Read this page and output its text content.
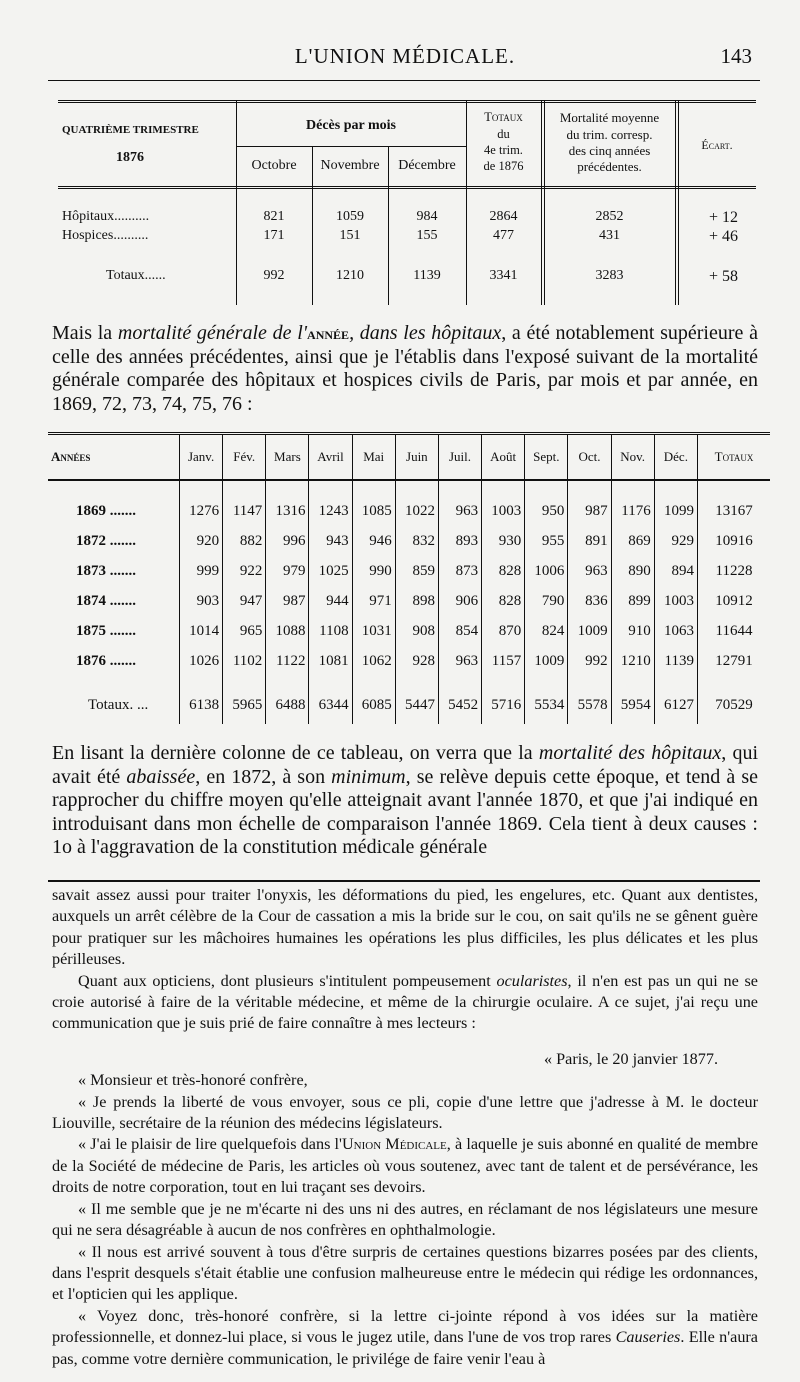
L'UNION MÉDICALE.	143
QUATRIÈME TRIMESTRE
1876
Décès par mois
Octobre	Novembre	Décembre
Totaux
du
4e trim.
de 1876
Mortalité moyenne
du trim. corresp.
des cinq années
précédentes.
Écart.
Hôpitaux..........	821	1059	984	2864	2852	+ 12
Hospices..........	171	151	155	477	431	+ 46
Totaux......	992	1210	1139	3341	3283	+ 58
Mais la mortalité générale de l'année, dans les hôpitaux, a été notablement supérieure à celle des années précédentes, ainsi que je l'établis dans l'exposé suivant de la mortalité générale comparée des hôpitaux et hospices civils de Paris, par mois et par année, en 1869, 72, 73, 74, 75, 76 :
Années	Janv.	Fév.	Mars	Avril	Mai	Juin	Juil.	Août	Sept.	Oct.	Nov.	Déc.	Totaux

1869 .......	1276	1147	1316	1243	1085	1022	963	1003	950	987	1176	1099	13167
1872 .......	920	882	996	943	946	832	893	930	955	891	869	929	10916
1873 .......	999	922	979	1025	990	859	873	828	1006	963	890	894	11228
1874 .......	903	947	987	944	971	898	906	828	790	836	899	1003	10912
1875 .......	1014	965	1088	1108	1031	908	854	870	824	1009	910	1063	11644
1876 .......	1026	1102	1122	1081	1062	928	963	1157	1009	992	1210	1139	12791

Totaux. ...	6138	5965	6488	6344	6085	5447	5452	5716	5534	5578	5954	6127	70529
En lisant la dernière colonne de ce tableau, on verra que la mortalité des hôpitaux, qui avait été abaissée, en 1872, à son minimum, se relève depuis cette époque, et tend à se rapprocher du chiffre moyen qu'elle atteignait avant l'année 1870, et que j'ai indiqué en introduisant dans mon échelle de comparaison l'année 1869. Cela tient à deux causes : 1o à l'aggravation de la constitution médicale générale

savait assez aussi pour traiter l'onyxis, les déformations du pied, les engelures, etc. Quant aux dentistes, auxquels un arrêt célèbre de la Cour de cassation a mis la bride sur le cou, on sait qu'ils ne se gênent guère pour pratiquer sur les mâchoires humaines les opérations les plus difficiles, les plus délicates et les plus périlleuses.

Quant aux opticiens, dont plusieurs s'intitulent pompeusement ocularistes, il n'en est pas un qui ne se croie autorisé à faire de la véritable médecine, et même de la chirurgie oculaire. A ce sujet, j'ai reçu une communication que je suis prié de faire connaître à mes lecteurs :

« Paris, le 20 janvier 1877.

« Monsieur et très-honoré confrère,

« Je prends la liberté de vous envoyer, sous ce pli, copie d'une lettre que j'adresse à M. le docteur Liouville, secrétaire de la réunion des médecins législateurs.

« J'ai le plaisir de lire quelquefois dans l'Union Médicale, à laquelle je suis abonné en qualité de membre de la Société de médecine de Paris, les articles où vous soutenez, avec tant de talent et de persévérance, les droits de notre corporation, tout en lui traçant ses devoirs.

« Il me semble que je ne m'écarte ni des uns ni des autres, en réclamant de nos législateurs une mesure qui ne sera désagréable à aucun de nos confrères en ophthalmologie.

« Il nous est arrivé souvent à tous d'être surpris de certaines questions bizarres posées par des clients, dans l'esprit desquels s'était établie une confusion malheureuse entre le médecin qui rédige les ordonnances, et l'opticien qui les applique.

« Voyez donc, très-honoré confrère, si la lettre ci-jointe répond à vos idées sur la matière professionnelle, et donnez-lui place, si vous le jugez utile, dans l'une de vos trop rares Causeries. Elle n'aura pas, comme votre dernière communication, le privilége de faire venir l'eau à
